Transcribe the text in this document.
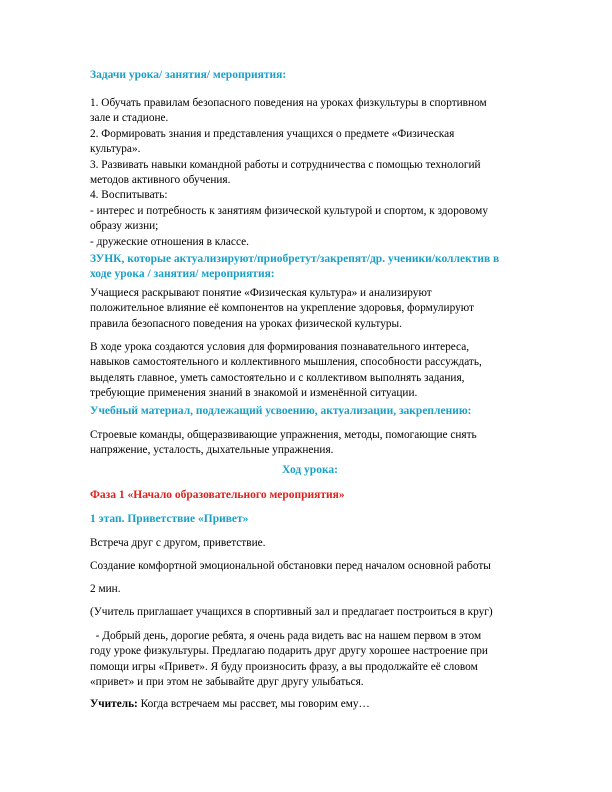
Задачи урока/ занятия/ мероприятия:

1. Обучать правилам безопасного поведения на уроках физкультуры в спортивном
зале и стадионе.
2. Формировать знания и представления учащихся о предмете «Физическая
культура».
3. Развивать навыки командной работы и сотрудничества с помощью технологий
методов активного обучения.
4. Воспитывать:
- интерес и потребность к занятиям физической культурой и спортом, к здоровому
образу жизни;
- дружеские отношения в классе.

ЗУНК, которые актуализируют/приобретут/закрепят/др. ученики/коллектив в
ходе урока / занятия/ мероприятия:

Учащиеся раскрывают понятие «Физическая культура» и анализируют
положительное влияние её компонентов на укрепление здоровья, формулируют
правила безопасного поведения на уроках физической культуры.

В ходе урока создаются условия для формирования познавательного интереса,
навыков самостоятельного и коллективного мышления, способности рассуждать,
выделять главное, уметь самостоятельно и с коллективом выполнять задания,
требующие применения знаний в знакомой и изменённой ситуации.

Учебный материал, подлежащий усвоению, актуализации, закреплению:

Строевые команды, общеразвивающие упражнения, методы, помогающие снять
напряжение, усталость, дыхательные упражнения.

Ход урока:

Фаза 1 «Начало образовательного мероприятия»

1 этап. Приветствие «Привет»

Встреча друг с другом, приветствие.

Создание комфортной эмоциональной обстановки перед началом основной работы

2 мин.

(Учитель приглашает учащихся в спортивный зал и предлагает построиться в круг)

- Добрый день, дорогие ребята, я очень рада видеть вас на нашем первом в этом
году уроке физкультуры. Предлагаю подарить друг другу хорошее настроение при
помощи игры «Привет». Я буду произносить фразу, а вы продолжайте её словом
«привет» и при этом не забывайте друг другу улыбаться.

Учитель: Когда встречаем мы рассвет, мы говорим ему…
